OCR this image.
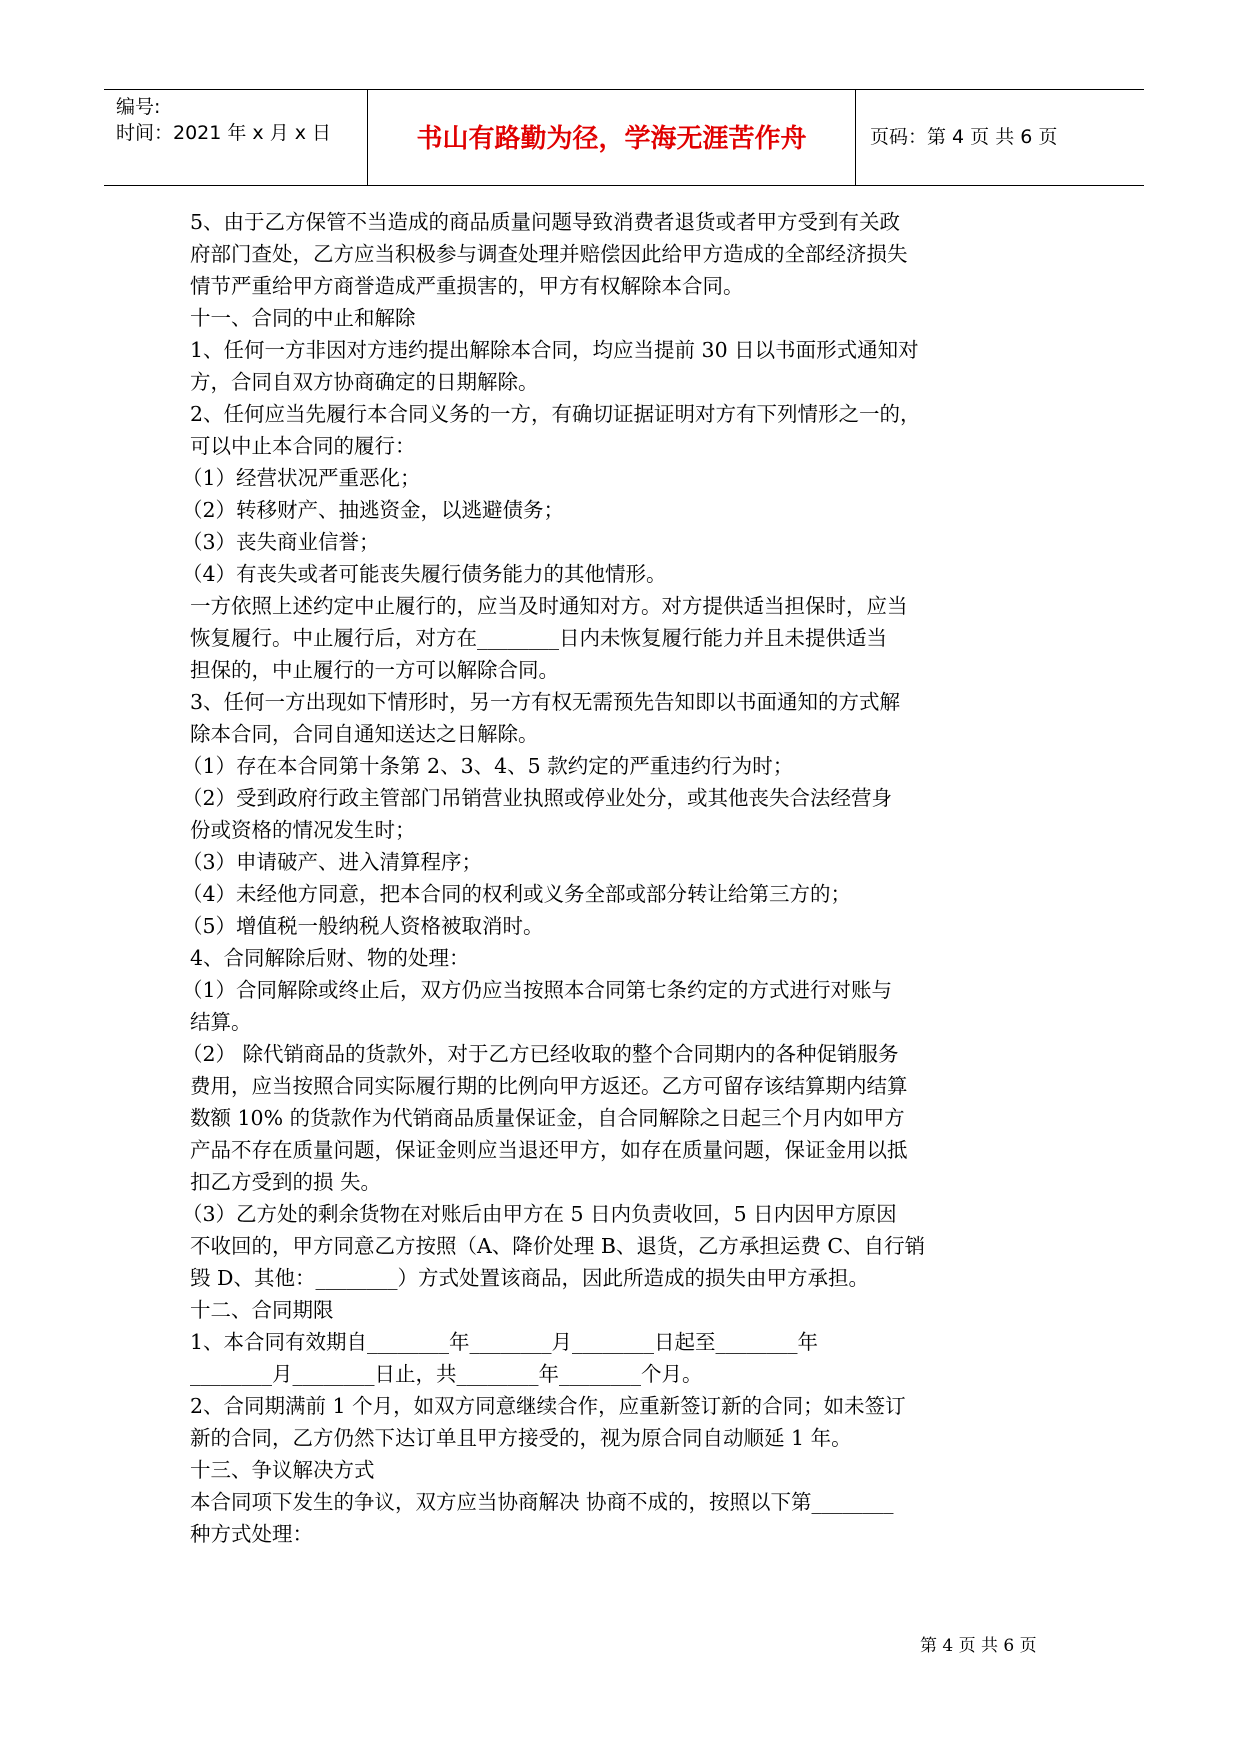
编号:
时间：2021 年 x 月 x 日	书山有路勤为径，学海无涯苦作舟	页码：第 4 页 共 6 页

5、由于乙方保管不当造成的商品质量问题导致消费者退货或者甲方受到有关政

府部门查处，乙方应当积极参与调查处理并赔偿因此给甲方造成的全部经济损失

情节严重给甲方商誉造成严重损害的，甲方有权解除本合同。

十一、合同的中止和解除

1、任何一方非因对方违约提出解除本合同，均应当提前 30 日以书面形式通知对

方，合同自双方协商确定的日期解除。

2、任何应当先履行本合同义务的一方，有确切证据证明对方有下列情形之一的，

可以中止本合同的履行：

（1）经营状况严重恶化；

（2）转移财产、抽逃资金，以逃避债务；

（3）丧失商业信誉；

（4）有丧失或者可能丧失履行债务能力的其他情形。

一方依照上述约定中止履行的，应当及时通知对方。对方提供适当担保时，应当

恢复履行。中止履行后，对方在________日内未恢复履行能力并且未提供适当

担保的，中止履行的一方可以解除合同。

3、任何一方出现如下情形时，另一方有权无需预先告知即以书面通知的方式解

除本合同，合同自通知送达之日解除。

（1）存在本合同第十条第 2、3、4、5 款约定的严重违约行为时；

（2）受到政府行政主管部门吊销营业执照或停业处分，或其他丧失合法经营身

份或资格的情况发生时；

（3）申请破产、进入清算程序；

（4）未经他方同意，把本合同的权利或义务全部或部分转让给第三方的；

（5）增值税一般纳税人资格被取消时。

4、合同解除后财、物的处理：

（1）合同解除或终止后，双方仍应当按照本合同第七条约定的方式进行对账与

结算。

（2） 除代销商品的货款外，对于乙方已经收取的整个合同期内的各种促销服务

费用，应当按照合同实际履行期的比例向甲方返还。乙方可留存该结算期内结算

数额 10% 的货款作为代销商品质量保证金，自合同解除之日起三个月内如甲方

产品不存在质量问题，保证金则应当退还甲方，如存在质量问题，保证金用以抵

扣乙方受到的损 失。

（3）乙方处的剩余货物在对账后由甲方在 5 日内负责收回，5 日内因甲方原因

不收回的，甲方同意乙方按照（A、降价处理 B、退货，乙方承担运费 C、自行销

毁 D、其他：________）方式处置该商品，因此所造成的损失由甲方承担。

十二、合同期限

1、本合同有效期自________年________月________日起至________年

________月________日止，共________年________个月。

2、合同期满前 1 个月，如双方同意继续合作，应重新签订新的合同；如未签订

新的合同，乙方仍然下达订单且甲方接受的，视为原合同自动顺延 1 年。

十三、争议解决方式

本合同项下发生的争议，双方应当协商解决 协商不成的，按照以下第________

种方式处理：

第 4 页 共 6 页
